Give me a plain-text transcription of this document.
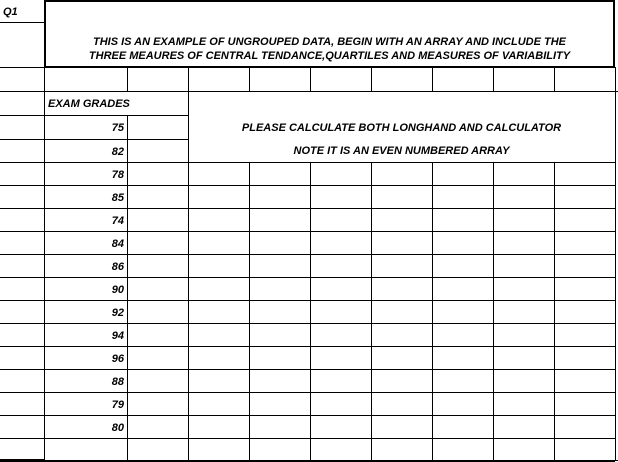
Q1
THIS IS AN EXAMPLE OF UNGROUPED DATA, BEGIN WITH AN ARRAY AND INCLUDE THE
THREE MEAURES OF CENTRAL TENDANCE,QUARTILES AND MEASURES OF VARIABILITY
EXAM GRADES
PLEASE CALCULATE BOTH LONGHAND AND CALCULATOR
NOTE IT IS AN EVEN NUMBERED ARRAY
75
82
78
85
74
84
86
90
92
94
96
88
79
80
